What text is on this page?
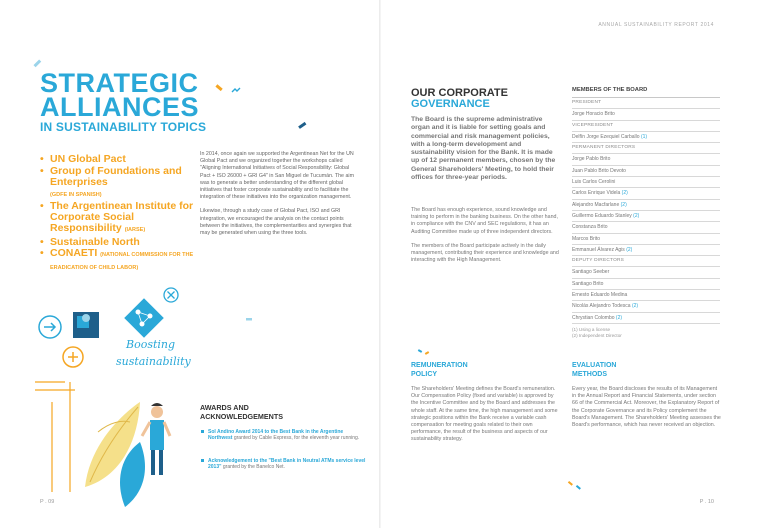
ANNUAL SUSTAINABILITY REPORT 2014
STRATEGIC
ALLIANCES
IN SUSTAINABILITY TOPICS
• UN Global Pact
• Group of Foundations and Enterprises
(GDFE IN SPANISH)
• The Argentinean Institute for Corporate Social Responsibility (IARSE)
• Sustainable North
• CONAETI (NATIONAL COMMISSION FOR THE ERADICATION OF CHILD LABOR)

In 2014, once again we supported the Argentinean Net for the UN Global Pact and we organized together the workshops called "Aligning International Initiatives of Social Responsibility: Global Pact + ISO 26000 + GRI G4" in San Miguel de Tucumán. The aim was to generate a better understanding of the different global initiatives that foster corporate sustainability and to facilitate the integration of these initiatives into the organization management.

Likewise, through a study case of Global Pact, ISO and GRI integration, we encouraged the analysis on the contact points between the initiatives, the complementarities and synergies that may be generated when using the three tools.

Boosting
sustainability
AWARDS AND
ACKNOWLEDGEMENTS
Sol Andino Award 2014 to the Best Bank in the Argentine Northwest granted by Cable Express, for the eleventh year running.
Acknowledgement to the "Best Bank in Neutral ATMs service level 2013" granted by the Banelco Net.
P . 09
OUR CORPORATE
GOVERNANCE
The Board is the supreme administrative organ and it is liable for setting goals and commercial and risk management policies, with a long-term development and sustainability vision for the Bank. It is made up of 12 permanent members, chosen by the General Shareholders' Meeting, to hold their offices for three-year periods.

The Board has enough experience, sound knowledge and training to perform in the banking business. On the other hand, in compliance with the CNV and SEC regulations, it has an Auditing Committee made up of three independent directors.

The members of the Board participate actively in the daily management, contributing their experience and knowledge and interacting with the High Management.

REMUNERATION
POLICY
The Shareholders' Meeting defines the Board's remuneration. Our Compensation Policy (fixed and variable) is approved by the Incentive Committee and by the Board and addresses the whole staff. At the same time, the high management and some strategic positions within the Bank receive a variable cash compensation for meeting goals related to their own performance, the result of the business and aspects of our sustainability strategy.
EVALUATION
METHODS
Every year, the Board discloses the results of its Management in the Annual Report and Financial Statements, under section 66 of the Commercial Act. Moreover, the Explanatory Report of the Corporate Governance and its Policy complement the Board's Management. The Shareholders' Meeting assesses the Board's performance, which has never received an objection.
MEMBERS OF THE BOARD
PRESIDENT
Jorge Horacio Brito
VICEPRESIDENT
Delfín Jorge Ezequiel Carballo (1)
PERMANENT DIRECTORS
Jorge Pablo Brito
Juan Pablo Brito Devoto
Luis Carlos Cerolini
Carlos Enrique Videla (2)
Alejandro Macfarlane (2)
Guillermo Eduardo Stanley (2)
Constanza Brito
Marcos Brito
Emmanuel Álvarez Agis (2)
DEPUTY DIRECTORS
Santiago Seeber
Santiago Brito
Ernesto Eduardo Medina
Nicolás Alejandro Todesca (2)
Chrystian Colombo (2)
(1) Using a license
(2) Independent Director
P . 10
